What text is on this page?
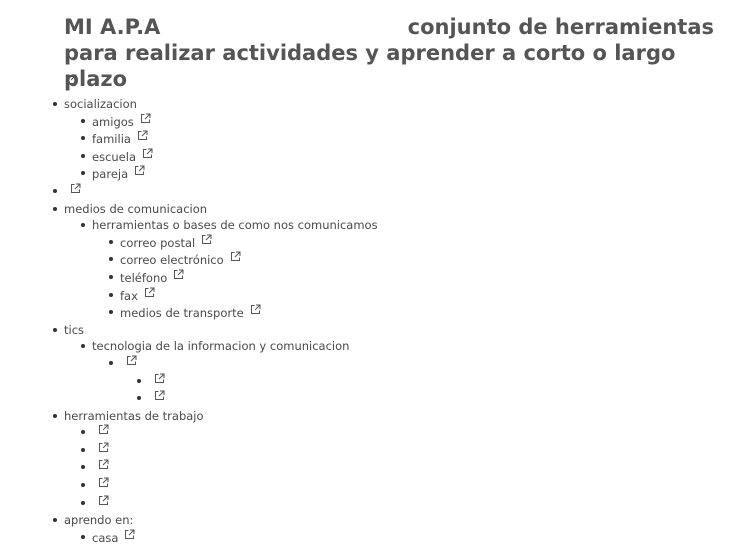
MI A.P.A	conjunto de herramientas
para realizar actividades y aprender a corto o largo plazo
socializacion
amigos
familia
escuela
pareja
medios de comunicacion
herramientas o bases de como nos comunicamos
correo postal
correo electrónico
teléfono
fax
medios de transporte
tics
tecnologia de la informacion y comunicacion
herramientas de trabajo
aprendo en:
casa
